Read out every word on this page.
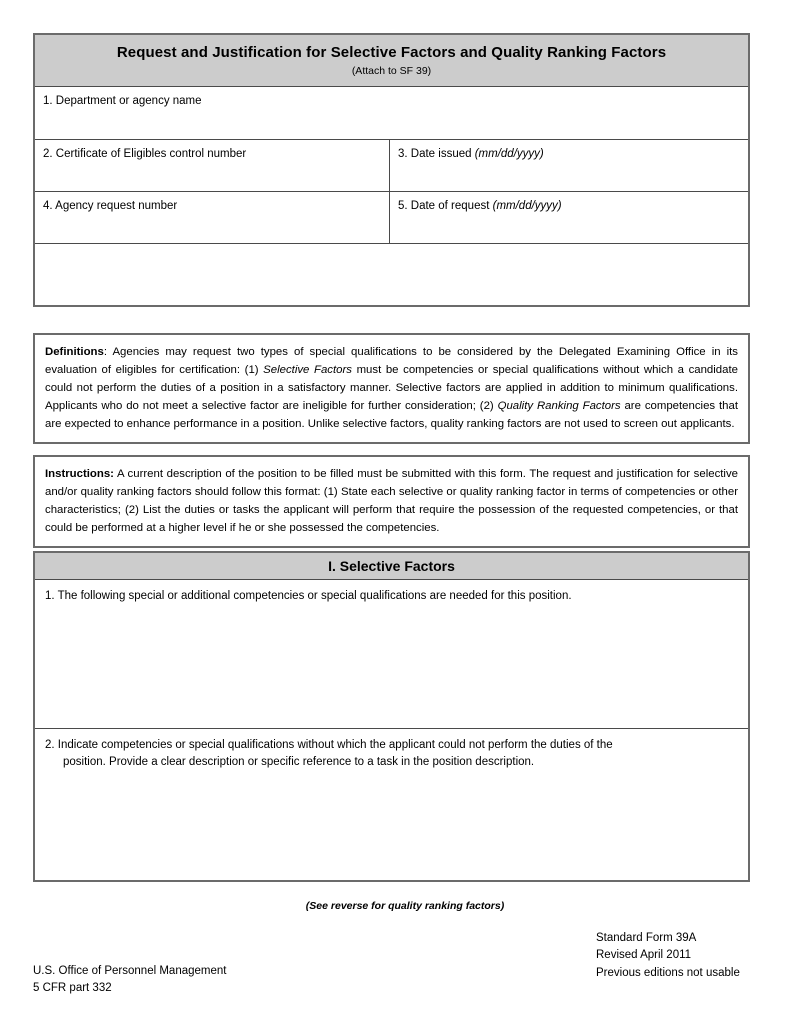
Request and Justification for Selective Factors and Quality Ranking Factors
(Attach to SF 39)
1. Department or agency name
2. Certificate of Eligibles control number	3. Date issued (mm/dd/yyyy)
4. Agency request number	5. Date of request (mm/dd/yyyy)
Definitions: Agencies may request two types of special qualifications to be considered by the Delegated Examining Office in its evaluation of eligibles for certification: (1) Selective Factors must be competencies or special qualifications without which a candidate could not perform the duties of a position in a satisfactory manner. Selective factors are applied in addition to minimum qualifications. Applicants who do not meet a selective factor are ineligible for further consideration; (2) Quality Ranking Factors are competencies that are expected to enhance performance in a position. Unlike selective factors, quality ranking factors are not used to screen out applicants.
Instructions: A current description of the position to be filled must be submitted with this form. The request and justification for selective and/or quality ranking factors should follow this format: (1) State each selective or quality ranking factor in terms of competencies or other characteristics; (2) List the duties or tasks the applicant will perform that require the possession of the requested competencies, or that could be performed at a higher level if he or she possessed the competencies.
I. Selective Factors
1. The following special or additional competencies or special qualifications are needed for this position.
2. Indicate competencies or special qualifications without which the applicant could not perform the duties of the
position. Provide a clear description or specific reference to a task in the position description.
(See reverse for quality ranking factors)
U.S. Office of Personnel Management
5 CFR part 332
Standard Form 39A
Revised April 2011
Previous editions not usable
